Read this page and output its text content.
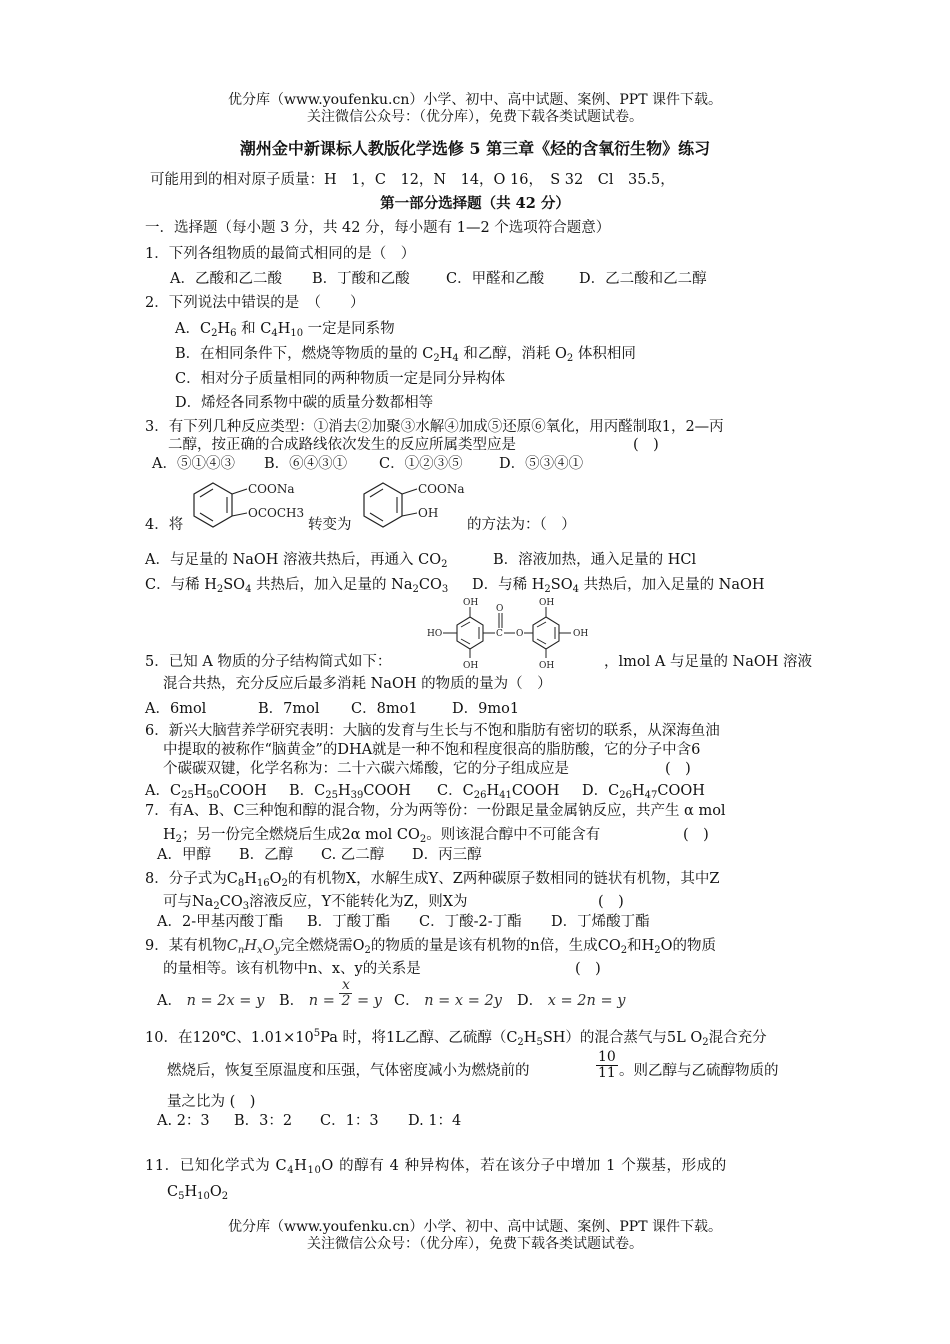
优分库（www.youfenku.cn）小学、初中、高中试题、案例、PPT 课件下载。
关注微信公众号：（优分库），免费下载各类试题试卷。
潮州金中新课标人教版化学选修 5 第三章《烃的含氧衍生物》练习
可能用到的相对原子质量：H　1，C　12，N　14，O 16，　S 32　Cl　35.5，
第一部分选择题（共 42 分）
一．选择题（每小题 3 分，共 42 分，每小题有 1—2 个选项符合题意）
1．下列各组物质的最简式相同的是（　）
A．乙酸和乙二酸 B．丁酸和乙酸	C．甲醛和乙酸 D．乙二酸和乙二醇
2．下列说法中错误的是　（　　）
A．$C_2H_6$ 和 $C_4H_{10}$ 一定是同系物
B．在相同条件下，燃烧等物质的量的 $C_2H_4$ 和乙醇，消耗 $O_2$ 体积相同
C．相对分子质量相同的两种物质一定是同分异构体
D．烯烃各同系物中碳的质量分数都相等
3．有下列几种反应类型：①消去②加聚③水解④加成⑤还原⑥氧化，用丙醛制取1，2—丙
二醇，按正确的合成路线依次发生的反应所属类型应是	(　)
A．⑤①④③ B．⑥④③① C．①②③⑤	D．⑤③④①
4．将
COONa
OCOCH3
转变为
COONa
OH
的方法为：（　）
A．与足量的 NaOH 溶液共热后，再通入 $CO_2$	B．溶液加热，通入足量的 HCl
C．与稀 $H_2SO_4$ 共热后，加入足量的 $Na_2CO_3$ D．与稀 $H_2SO_4$ 共热后，加入足量的 NaOH
OH
HO
OH
O
C O
OH
OH
OH
5．已知 A 物质的分子结构简式如下：	，lmol A 与足量的 NaOH 溶液
混合共热，充分反应后最多消耗 NaOH 的物质的量为（　）
A．6mol	B．7mol C．8mo1 D．9mo1
6．新兴大脑营养学研究表明：大脑的发育与生长与不饱和脂肪有密切的联系，从深海鱼油
中提取的被称作“脑黄金”的DHA就是一种不饱和程度很高的脂肪酸，它的分子中含6
个碳碳双键，化学名称为：二十六碳六烯酸，它的分子组成应是	(　)
A．$C_{25}H_{50}COOH$ B．$C_{25}H_{39}COOH$ C．$C_{26}H_{41}COOH$ D．$C_{26}H_{47}COOH$
7．有A、B、C三种饱和醇的混合物，分为两等份：一份跟足量金属钠反应，共产生 α mol
$H_2$；另一份完全燃烧后生成2α mol $CO_2$。则该混合醇中不可能含有	(　)
A．甲醇 B．乙醇 C. 乙二醇 D．丙三醇
8．分子式为$C_8H_{16}O_2$的有机物X，水解生成Y、Z两种碳原子数相同的链状有机物，其中Z
可与$Na_2CO_3$溶液反应，Y不能转化为Z，则X为	(　)
A．2-甲基丙酸丁酯 B．丁酸丁酯 C．丁酸-2-丁酯 D．丁烯酸丁酯
9．某有机物$C_nH_xO_y$完全燃烧需$O_2$的物质的量是该有机物的n倍，生成$CO_2$和$H_2O$的物质
的量相等。该有机物中n、x、y的关系是	(　)
A． n = 2x = y B． $n = \frac{x}{2} = y$ C． n = x = 2y D． x = 2n = y
10．在120℃、$1.01\times 10^5Pa$ 时，将1L乙醇、乙硫醇$(C_2H_5SH)$的混合蒸气与5L $O_2$混合充分
燃烧后，恢复至原温度和压强，气体密度减小为燃烧前的	$\frac{10}{11}$ 。则乙醇与乙硫醇物质的
量之比为 (　)
A. 2：3 B．3：2 C．1：3 D. 1：4
11．已知化学式为 $C_4H_{10}O$ 的醇有 4 种异构体，若在该分子中增加 1 个羰基，形成的
$C_5H_{10}O_2$
优分库（www.youfenku.cn）小学、初中、高中试题、案例、PPT 课件下载。
关注微信公众号：（优分库），免费下载各类试题试卷。
